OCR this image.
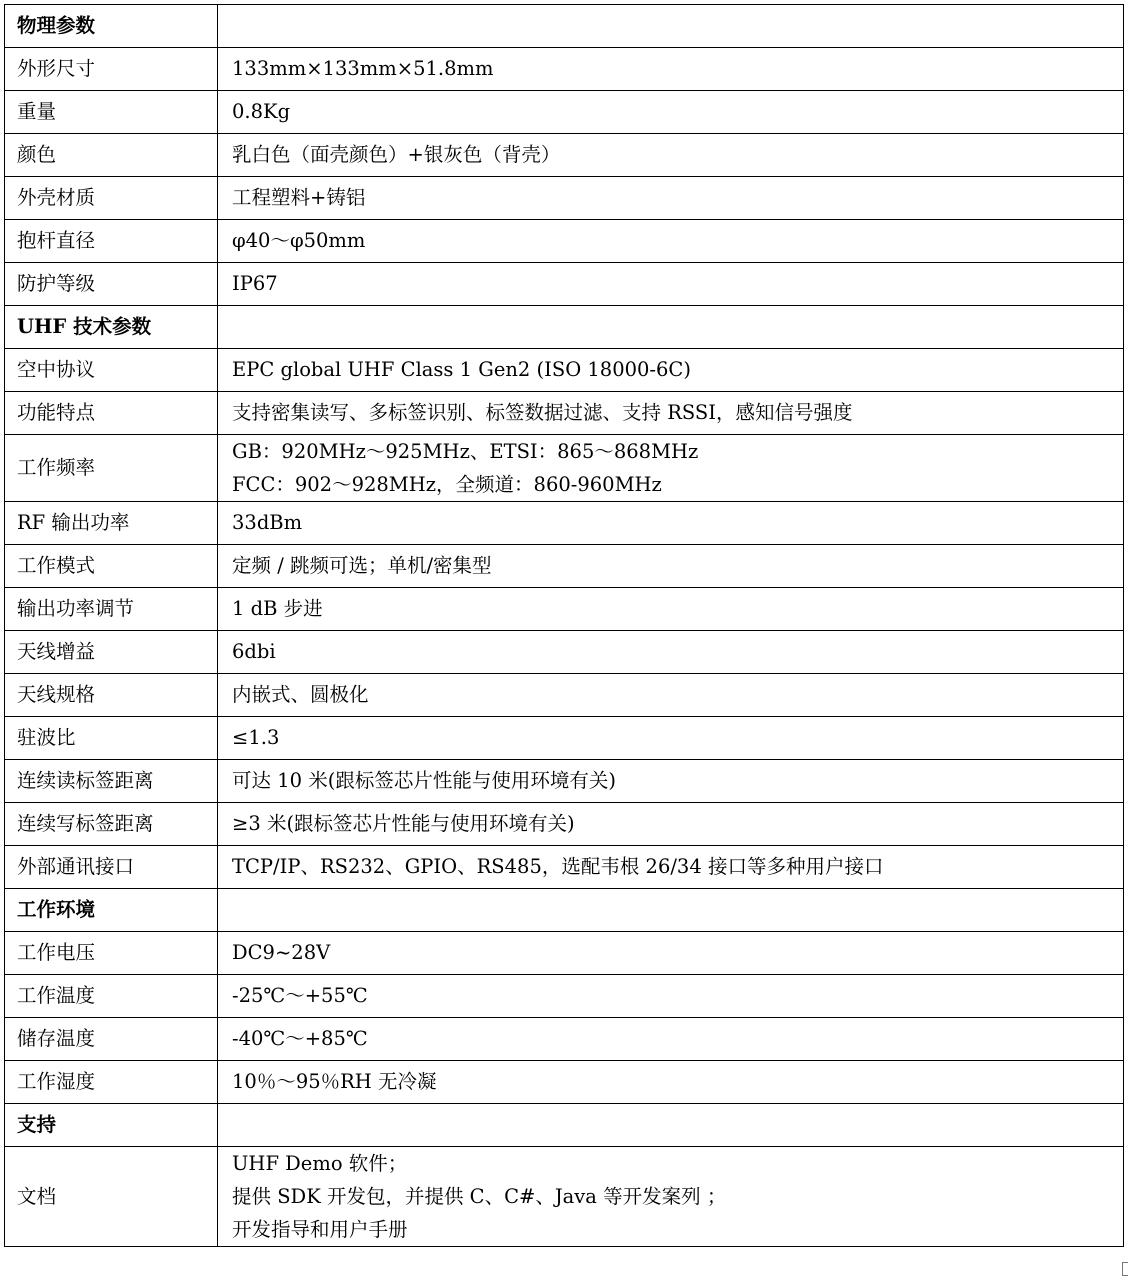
物理参数	
外形尺寸	133mm×133mm×51.8mm
重量	0.8Kg
颜色	乳白色（面壳颜色）+银灰色（背壳）
外壳材质	工程塑料+铸铝
抱杆直径	φ40～φ50mm
防护等级	IP67
UHF 技术参数	
空中协议	EPC global UHF Class 1 Gen2 (ISO 18000-6C)
功能特点	支持密集读写、多标签识别、标签数据过滤、支持 RSSI，感知信号强度
工作频率	GB：920MHz～925MHz、ETSI：865～868MHz
FCC：902～928MHz，全频道：860-960MHz

RF 输出功率	33dBm
工作模式	定频 / 跳频可选；单机/密集型
输出功率调节	1 dB 步进
天线增益	6dbi
天线规格	内嵌式、圆极化
驻波比	≤1.3
连续读标签距离	可达 10 米(跟标签芯片性能与使用环境有关)
连续写标签距离	≥3 米(跟标签芯片性能与使用环境有关)
外部通讯接口	TCP/IP、RS232、GPIO、RS485，选配韦根 26/34 接口等多种用户接口
工作环境	
工作电压	DC9~28V
工作温度	-25℃～+55℃
储存温度	-40℃～+85℃
工作湿度	10％～95％RH 无冷凝
支持	
文档	UHF Demo 软件；
提供 SDK 开发包，并提供 C、C#、Java 等开发案列 ；
开发指导和用户手册
